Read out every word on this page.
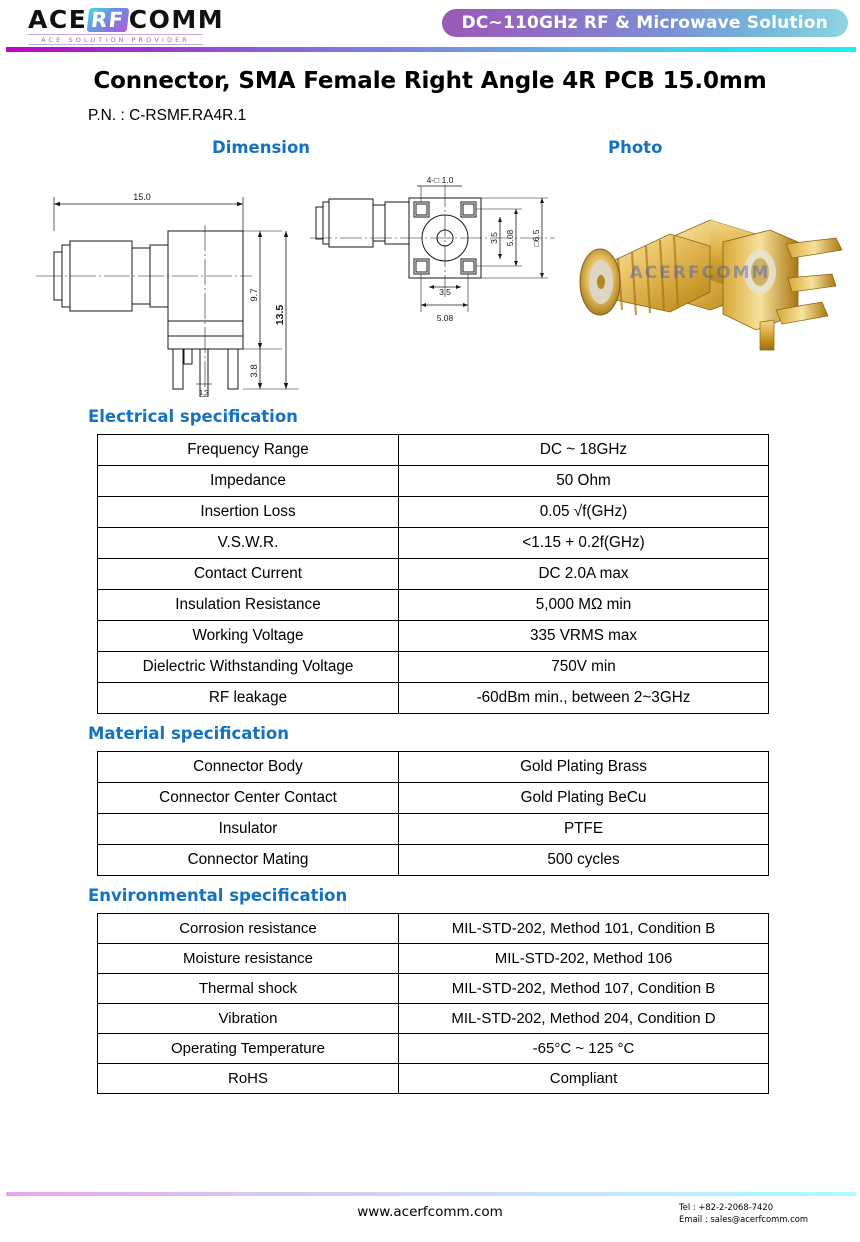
ACE RF COMM
ACE SOLUTION PROVIDER
DC~110GHz RF & Microwave Solution
Connector, SMA Female Right Angle 4R PCB 15.0mm
P.N. : C-RSMF.RA4R.1
Dimension	Photo
15.0
9.7
13.5
3.8
1.3
4-□ 1.0
3.5
5.08
3.5 5.08 □6.5
ACERFCOMM
Electrical specification
Frequency Range	DC ~ 18GHz
Impedance	50 Ohm
Insertion Loss	0.05 √f(GHz)
V.S.W.R.	<1.15 + 0.2f(GHz)
Contact Current	DC 2.0A max
Insulation Resistance	5,000 MΩ min
Working Voltage	335 VRMS max
Dielectric Withstanding Voltage	750V min
RF leakage	-60dBm min., between 2~3GHz
Material specification
Connector Body	Gold Plating Brass
Connector Center Contact	Gold Plating BeCu
Insulator	PTFE
Connector Mating	500 cycles
Environmental specification
Corrosion resistance	MIL-STD-202, Method 101, Condition B
Moisture resistance	MIL-STD-202, Method 106
Thermal shock	MIL-STD-202, Method 107, Condition B
Vibration	MIL-STD-202, Method 204, Condition D
Operating Temperature	-65°C ~ 125 °C
RoHS	Compliant
www.acerfcomm.com	Tel : +82-2-2068-7420
Email : sales@acerfcomm.com
